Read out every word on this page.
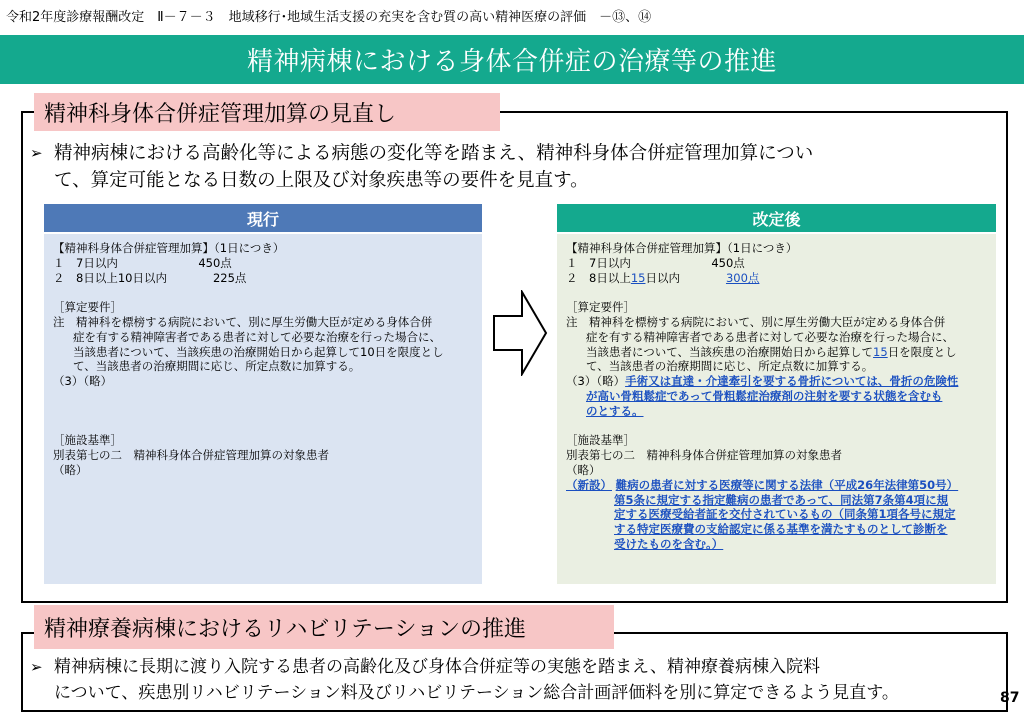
令和2年度診療報酬改定　Ⅱ－７－３　地域移行･地域生活支援の充実を含む質の高い精神医療の評価　－⑬、⑭
精神病棟における身体合併症の治療等の推進
精神科身体合併症管理加算の見直し
➢ 精神病棟における高齢化等による病態の変化等を踏まえ、精神科身体合併症管理加算につい
て、算定可能となる日数の上限及び対象疾患等の要件を見直す。
現行
【精神科身体合併症管理加算】（1日につき）
１　7日以内　　　　　　　450点
２　8日以上10日以内　　　　225点
［算定要件］
注　精神科を標榜する病院において、別に厚生労働大臣が定める身体合併
症を有する精神障害者である患者に対して必要な治療を行った場合に、
当該患者について、当該疾患の治療開始日から起算して10日を限度とし
て、当該患者の治療期間に応じ、所定点数に加算する。
（3）（略）
［施設基準］
別表第七の二　精神科身体合併症管理加算の対象患者
（略）
改定後
【精神科身体合併症管理加算】（1日につき）
１　7日以内　　　　　　　450点
２　8日以上15日以内　　　　300点
［算定要件］
注　精神科を標榜する病院において、別に厚生労働大臣が定める身体合併
症を有する精神障害者である患者に対して必要な治療を行った場合に、
当該患者について、当該疾患の治療開始日から起算して15日を限度とし
て、当該患者の治療期間に応じ、所定点数に加算する。
（3）（略）手術又は直達・介達牽引を要する骨折については、骨折の危険性
が高い骨粗鬆症であって骨粗鬆症治療剤の注射を要する状態を含むも
のとする。
［施設基準］
別表第七の二　精神科身体合併症管理加算の対象患者
（略）
（新設） 難病の患者に対する医療等に関する法律（平成26年法律第50号）
第5条に規定する指定難病の患者であって、同法第7条第4項に規
定する医療受給者証を交付されているもの（同条第1項各号に規定
する特定医療費の支給認定に係る基準を満たすものとして診断を
受けたものを含む。）
精神療養病棟におけるリハビリテーションの推進
➢ 精神病棟に長期に渡り入院する患者の高齢化及び身体合併症等の実態を踏まえ、精神療養病棟入院料
について、疾患別リハビリテーション料及びリハビリテーション総合計画評価料を別に算定できるよう見直す。	87
